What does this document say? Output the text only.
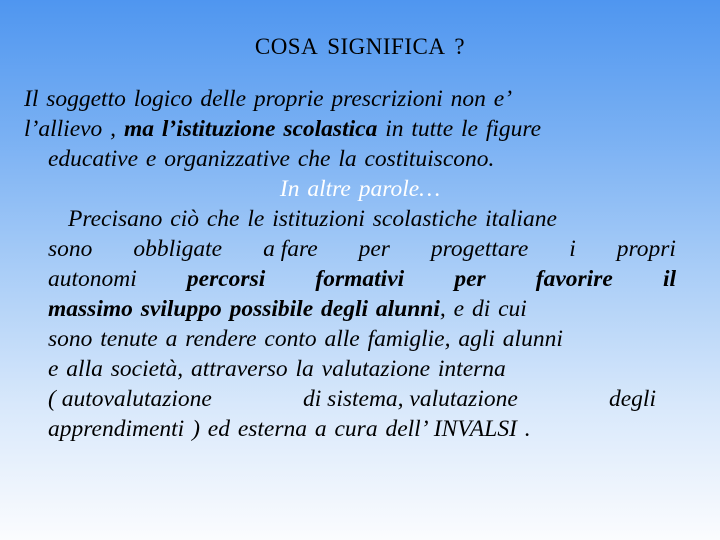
COSA SIGNIFICA ?
Il soggetto logico delle proprie prescrizioni non e’
l’allievo , ma l’istituzione scolastica in tutte le figure
educative e organizzative che la costituiscono.
In altre parole…
Precisano ciò che le istituzioni scolastiche italiane
sono obbligate a fare per progettare i propri
autonomi percorsi formativi per favorire il
massimo sviluppo possibile degli alunni, e di cui
sono tenute a rendere conto alle famiglie, agli alunni
e alla società, attraverso la valutazione interna
( autovalutazione	di sistema, valutazione	degli
apprendimenti ) ed esterna a cura dell’ INVALSI .
